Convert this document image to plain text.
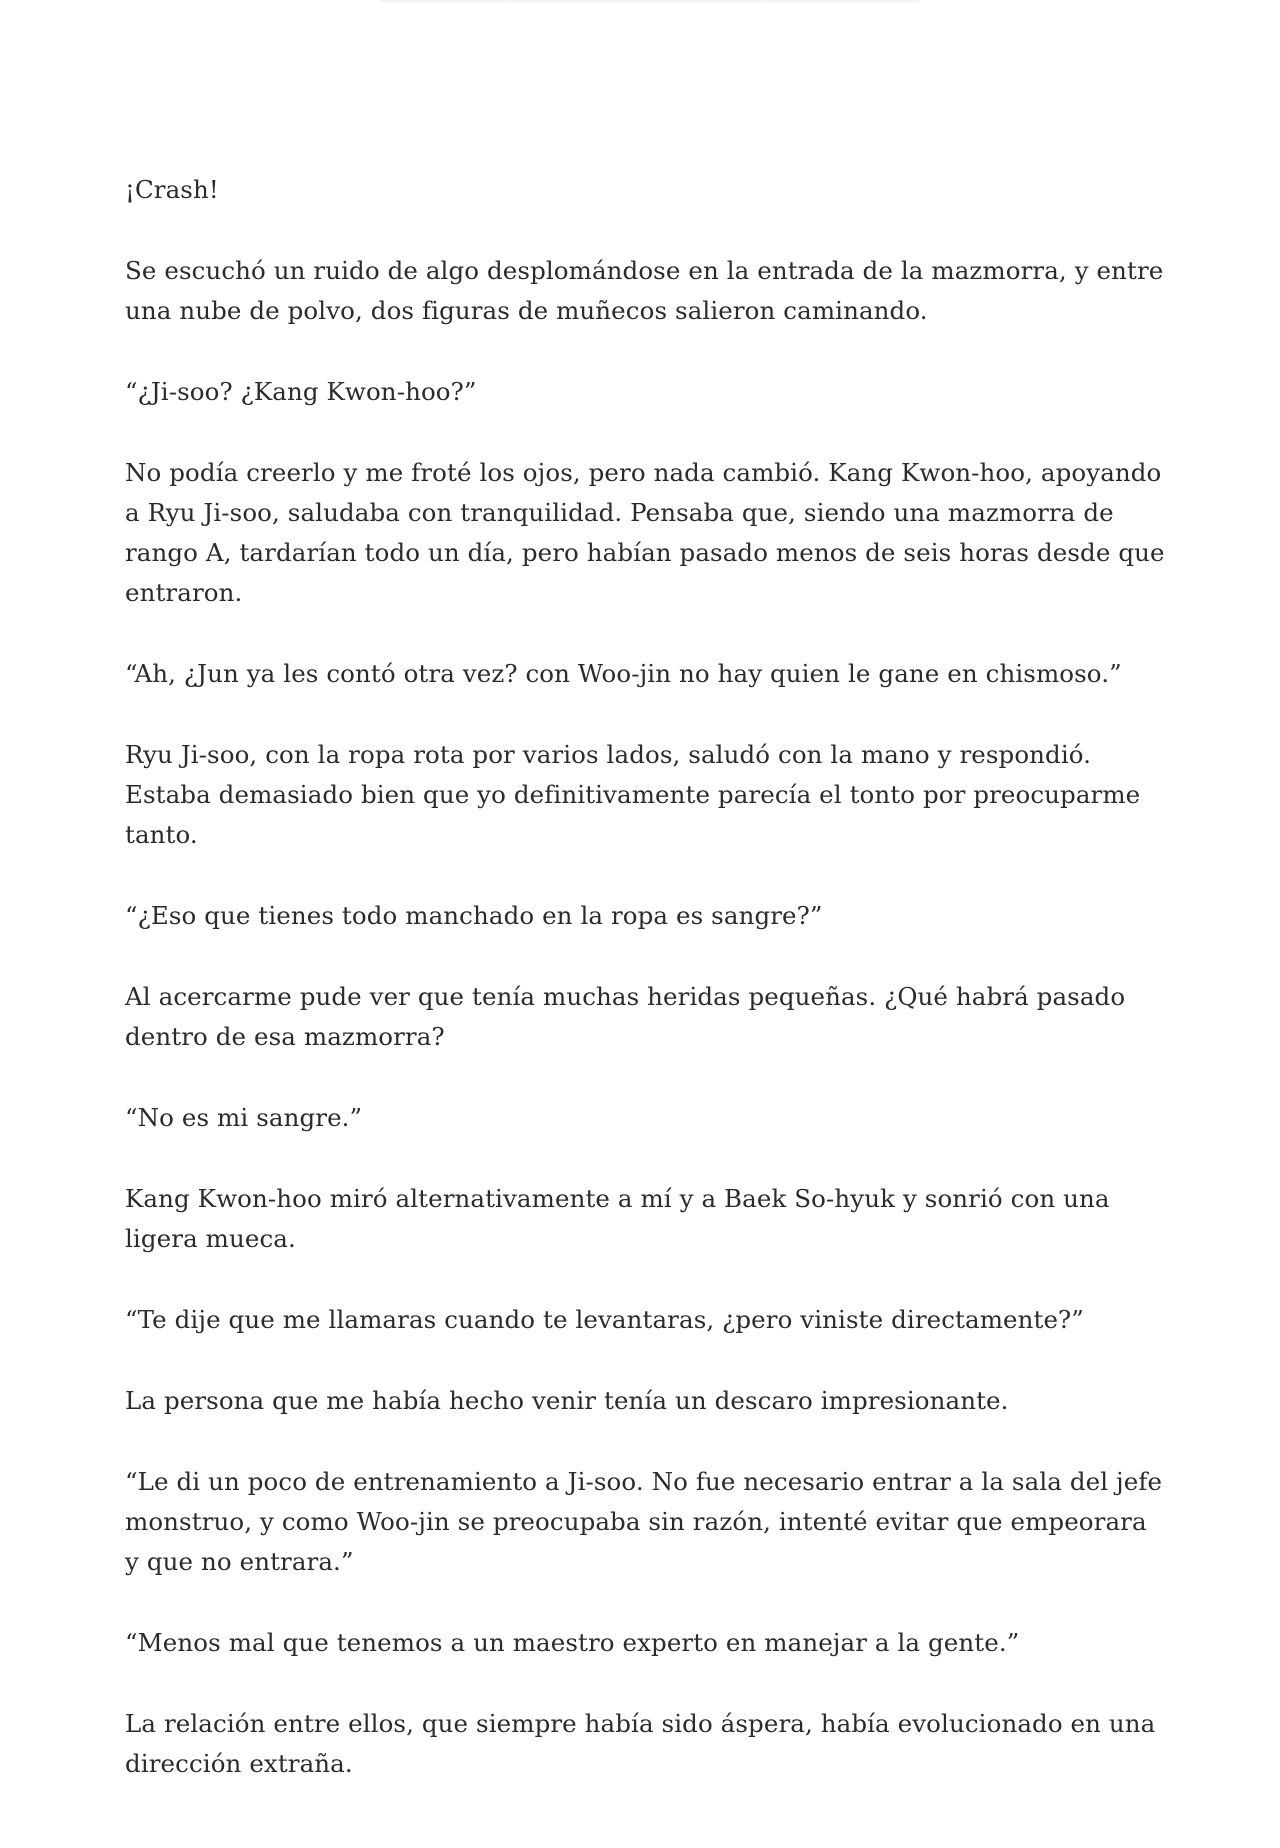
¡Crash!

Se escuchó un ruido de algo desplomándose en la entrada de la mazmorra, y entre una nube de polvo, dos figuras de muñecos salieron caminando.

“¿Ji-soo? ¿Kang Kwon-hoo?”

No podía creerlo y me froté los ojos, pero nada cambió. Kang Kwon-hoo, apoyando a Ryu Ji-soo, saludaba con tranquilidad. Pensaba que, siendo una mazmorra de rango A, tardarían todo un día, pero habían pasado menos de seis horas desde que entraron.

“Ah, ¿Jun ya les contó otra vez? con Woo-jin no hay quien le gane en chismoso.”

Ryu Ji-soo, con la ropa rota por varios lados, saludó con la mano y respondió. Estaba demasiado bien que yo definitivamente parecía el tonto por preocuparme tanto.

“¿Eso que tienes todo manchado en la ropa es sangre?”

Al acercarme pude ver que tenía muchas heridas pequeñas. ¿Qué habrá pasado dentro de esa mazmorra?

“No es mi sangre.”

Kang Kwon-hoo miró alternativamente a mí y a Baek So-hyuk y sonrió con una ligera mueca.

“Te dije que me llamaras cuando te levantaras, ¿pero viniste directamente?”

La persona que me había hecho venir tenía un descaro impresionante.

“Le di un poco de entrenamiento a Ji-soo. No fue necesario entrar a la sala del jefe monstruo, y como Woo-jin se preocupaba sin razón, intenté evitar que empeorara y que no entrara.”

“Menos mal que tenemos a un maestro experto en manejar a la gente.”

La relación entre ellos, que siempre había sido áspera, había evolucionado en una dirección extraña.
